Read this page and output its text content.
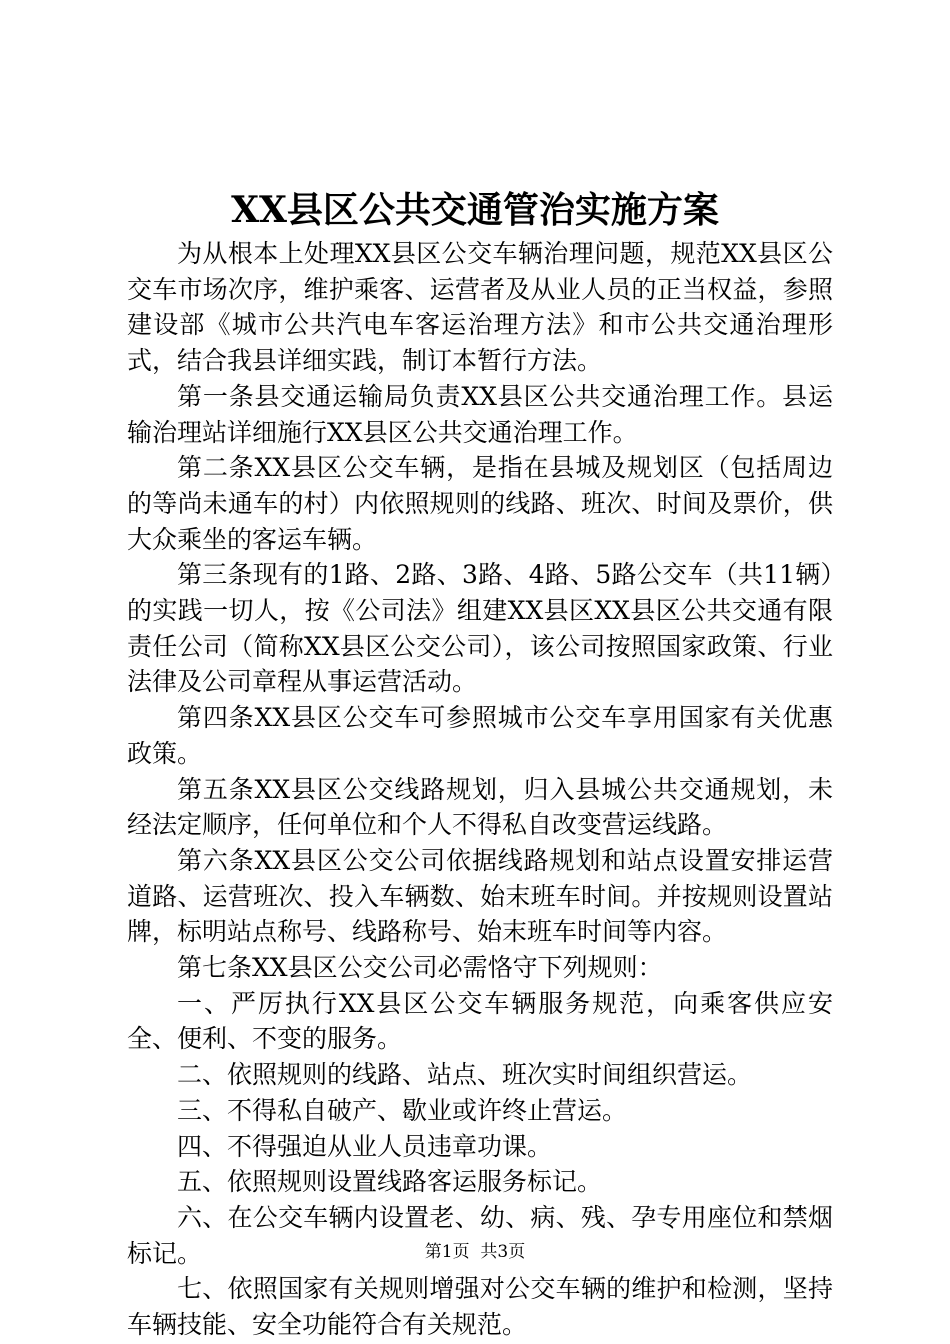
XX县区公共交通管治实施方案

为从根本上处理XX县区公交车辆治理问题，规范XX县区公交车市场次序，维护乘客、运营者及从业人员的正当权益，参照建设部《城市公共汽电车客运治理方法》和市公共交通治理形式，结合我县详细实践，制订本暂行方法。

第一条县交通运输局负责XX县区公共交通治理工作。县运输治理站详细施行XX县区公共交通治理工作。

第二条XX县区公交车辆，是指在县城及规划区（包括周边的等尚未通车的村）内依照规则的线路、班次、时间及票价，供大众乘坐的客运车辆。

第三条现有的1路、2路、3路、4路、5路公交车（共11辆）的实践一切人，按《公司法》组建XX县区XX县区公共交通有限责任公司（简称XX县区公交公司），该公司按照国家政策、行业法律及公司章程从事运营活动。

第四条XX县区公交车可参照城市公交车享用国家有关优惠政策。

第五条XX县区公交线路规划，归入县城公共交通规划，未经法定顺序，任何单位和个人不得私自改变营运线路。

第六条XX县区公交公司依据线路规划和站点设置安排运营道路、运营班次、投入车辆数、始末班车时间。并按规则设置站牌，标明站点称号、线路称号、始末班车时间等内容。

第七条XX县区公交公司必需恪守下列规则：

一、严厉执行XX县区公交车辆服务规范，向乘客供应安全、便利、不变的服务。

二、依照规则的线路、站点、班次实时间组织营运。

三、不得私自破产、歇业或许终止营运。

四、不得强迫从业人员违章功课。

五、依照规则设置线路客运服务标记。

六、在公交车辆内设置老、幼、病、残、孕专用座位和禁烟标记。

七、依照国家有关规则增强对公交车辆的维护和检测，坚持车辆技能、安全功能符合有关规范。

第1页  共3页
